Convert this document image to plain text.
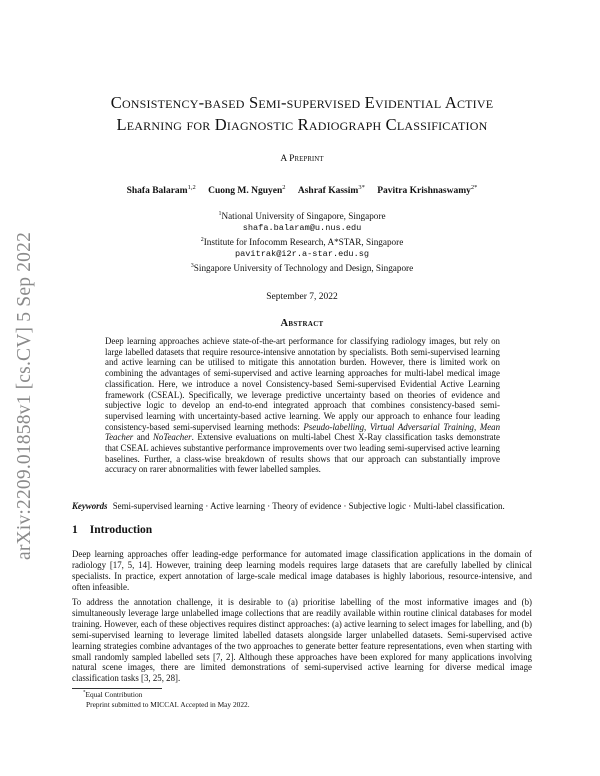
arXiv:2209.01858v1 [cs.CV] 5 Sep 2022
Consistency-based Semi-supervised Evidential Active
Learning for Diagnostic Radiograph Classification
A Preprint
Shafa Balaram$^{1,2}$ Cuong M. Nguyen$^2$ Ashraf Kassim$^{3*}$ Pavitra Krishnaswamy$^{2*}$
$^1$National University of Singapore, Singapore
shafa.balaram@u.nus.edu
$^2$Institute for Infocomm Research, A*STAR, Singapore
pavitrak@i2r.a-star.edu.sg
$^3$Singapore University of Technology and Design, Singapore
September 7, 2022
Abstract
Deep learning approaches achieve state-of-the-art performance for classifying radiology images, but rely on large labelled datasets that require resource-intensive annotation by specialists. Both semi-supervised learning and active learning can be utilised to mitigate this annotation burden. However, there is limited work on combining the advantages of semi-supervised and active learning approaches for multi-label medical image classification. Here, we introduce a novel Consistency-based Semi-supervised Evidential Active Learning framework (CSEAL). Specifically, we leverage predictive uncertainty based on theories of evidence and subjective logic to develop an end-to-end integrated approach that combines consistency-based semi-supervised learning with uncertainty-based active learning. We apply our approach to enhance four leading consistency-based semi-supervised learning methods: Pseudo-labelling, Virtual Adversarial Training, Mean Teacher and NoTeacher. Extensive evaluations on multi-label Chest X-Ray classification tasks demonstrate that CSEAL achieves substantive performance improvements over two leading semi-supervised active learning baselines. Further, a class-wise breakdown of results shows that our approach can substantially improve accuracy on rarer abnormalities with fewer labelled samples.
Keywords Semi-supervised learning · Active learning · Theory of evidence · Subjective logic · Multi-label classification.
1 Introduction
Deep learning approaches offer leading-edge performance for automated image classification applications in the domain of radiology [17, 5, 14]. However, training deep learning models requires large datasets that are carefully labelled by clinical specialists. In practice, expert annotation of large-scale medical image databases is highly laborious, resource-intensive, and often infeasible.
To address the annotation challenge, it is desirable to (a) prioritise labelling of the most informative images and (b) simultaneously leverage large unlabelled image collections that are readily available within routine clinical databases for model training. However, each of these objectives requires distinct approaches: (a) active learning to select images for labelling, and (b) semi-supervised learning to leverage limited labelled datasets alongside larger unlabelled datasets. Semi-supervised active learning strategies combine advantages of the two approaches to generate better feature representations, even when starting with small randomly sampled labelled sets [7, 2]. Although these approaches have been explored for many applications involving natural scene images, there are limited demonstrations of semi-supervised active learning for diverse medical image classification tasks [3, 25, 28].
*Equal Contribution
Preprint submitted to MICCAI. Accepted in May 2022.
